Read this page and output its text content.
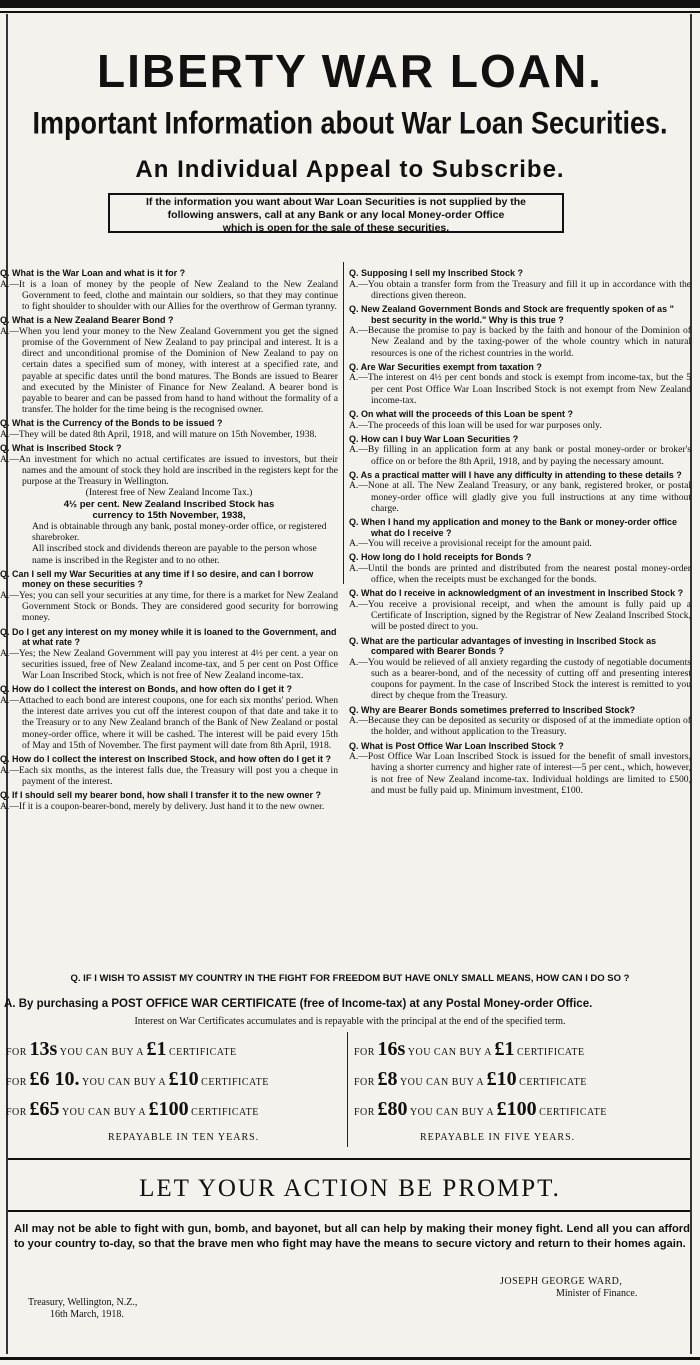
LIBERTY WAR LOAN.
Important Information about War Loan Securities.
An Individual Appeal to Subscribe.
If the information you want about War Loan Securities is not supplied by the
following answers, call at any Bank or any local Money-order Office
which is open for the sale of these securities.
Q. What is the War Loan and what is it for ?
A.—It is a loan of money by the people of New Zealand to the New Zealand Government to feed, clothe and maintain our soldiers, so that they may continue to fight shoulder to shoulder with our Allies for the overthrow of German tyranny.
Q. What is a New Zealand Bearer Bond ?
A.—When you lend your money to the New Zealand Government you get the signed promise of the Government of New Zealand to pay principal and interest. It is a direct and unconditional promise of the Dominion of New Zealand to pay on certain dates a specified sum of money, with interest at a specified rate, and payable at specific dates until the bond matures. The Bonds are issued to Bearer and executed by the Minister of Finance for New Zealand. A bearer bond is payable to bearer and can be passed from hand to hand without the formality of a transfer. The holder for the time being is the recognised owner.
Q. What is the Currency of the Bonds to be issued ?
A.—They will be dated 8th April, 1918, and will mature on 15th November, 1938.
Q. What is Inscribed Stock ?
A.—An investment for which no actual certificates are issued to investors, but their names and the amount of stock they hold are inscribed in the registers kept for the purpose at the Treasury in Wellington.
(Interest free of New Zealand Income Tax.)
4½ per cent. New Zealand Inscribed Stock has
currency to 15th November, 1938,
And is obtainable through any bank, postal money-order office, or registered sharebroker.
All inscribed stock and dividends thereon are payable to the person whose name is inscribed in the Register and to no other.
Q. Can I sell my War Securities at any time if I so desire, and can I borrow money on these securities ?
A.—Yes; you can sell your securities at any time, for there is a market for New Zealand Government Stock or Bonds. They are considered good security for borrowing money.
Q. Do I get any interest on my money while it is loaned to the Government, and at what rate ?
A.—Yes; the New Zealand Government will pay you interest at 4½ per cent. a year on securities issued, free of New Zealand income-tax, and 5 per cent on Post Office War Loan Inscribed Stock, which is not free of New Zealand income-tax.
Q. How do I collect the interest on Bonds, and how often do I get it ?
A.—Attached to each bond are interest coupons, one for each six months' period. When the interest date arrives you cut off the interest coupon of that date and take it to the Treasury or to any New Zealand branch of the Bank of New Zealand or postal money-order office, where it will be cashed. The interest will be paid every 15th of May and 15th of November. The first payment will date from 8th April, 1918.
Q. How do I collect the interest on Inscribed Stock, and how often do I get it ?
A.—Each six months, as the interest falls due, the Treasury will post you a cheque in payment of the interest.
Q. If I should sell my bearer bond, how shall I transfer it to the new owner ?
A.—If it is a coupon-bearer-bond, merely by delivery. Just hand it to the new owner.
Q. Supposing I sell my Inscribed Stock ?
A.—You obtain a transfer form from the Treasury and fill it up in accordance with the directions given thereon.
Q. New Zealand Government Bonds and Stock are frequently spoken of as " best security in the world." Why is this true ?
A.—Because the promise to pay is backed by the faith and honour of the Dominion of New Zealand and by the taxing-power of the whole country which in natural resources is one of the richest countries in the world.
Q. Are War Securities exempt from taxation ?
A.—The interest on 4½ per cent bonds and stock is exempt from income-tax, but the 5 per cent Post Office War Loan Inscribed Stock is not exempt from New Zealand income-tax.
Q. On what will the proceeds of this Loan be spent ?
A.—The proceeds of this loan will be used for war purposes only.
Q. How can I buy War Loan Securities ?
A.—By filling in an application form at any bank or postal money-order or broker's office on or before the 8th April, 1918, and by paying the necessary amount.
Q. As a practical matter will I have any difficulty in attending to these details ?
A.—None at all. The New Zealand Treasury, or any bank, registered broker, or postal money-order office will gladly give you full instructions at any time without charge.
Q. When I hand my application and money to the Bank or money-order office what do I receive ?
A.—You will receive a provisional receipt for the amount paid.
Q. How long do I hold receipts for Bonds ?
A.—Until the bonds are printed and distributed from the nearest postal money-order office, when the receipts must be exchanged for the bonds.
Q. What do I receive in acknowledgment of an investment in Inscribed Stock ?
A.—You receive a provisional receipt, and when the amount is fully paid up a Certificate of Inscription, signed by the Registrar of New Zealand Inscribed Stock, will be posted direct to you.
Q. What are the particular advantages of investing in Inscribed Stock as compared with Bearer Bonds ?
A.—You would be relieved of all anxiety regarding the custody of negotiable documents such as a bearer-bond, and of the necessity of cutting off and presenting interest coupons for payment. In the case of Inscribed Stock the interest is remitted to you direct by cheque from the Treasury.
Q. Why are Bearer Bonds sometimes preferred to Inscribed Stock?
A.—Because they can be deposited as security or disposed of at the immediate option of the holder, and without application to the Treasury.
Q. What is Post Office War Loan Inscribed Stock ?
A.—Post Office War Loan Inscribed Stock is issued for the benefit of small investors, having a shorter currency and higher rate of interest—5 per cent., which, however, is not free of New Zealand income-tax. Individual holdings are limited to £500, and must be fully paid up. Minimum investment, £100.
Q. IF I WISH TO ASSIST MY COUNTRY IN THE FIGHT FOR FREEDOM BUT HAVE ONLY SMALL MEANS, HOW CAN I DO SO ?
A. By purchasing a POST OFFICE WAR CERTIFICATE (free of Income-tax) at any Postal Money-order Office.
Interest on War Certificates accumulates and is repayable with the principal at the end of the specified term.
FOR 13s YOU CAN BUY A £1 CERTIFICATE
FOR £6 10. YOU CAN BUY A £10 CERTIFICATE
FOR £65 YOU CAN BUY A £100 CERTIFICATE
FOR 16s YOU CAN BUY A £1 CERTIFICATE
FOR £8 YOU CAN BUY A £10 CERTIFICATE
FOR £80 YOU CAN BUY A £100 CERTIFICATE
REPAYABLE IN TEN YEARS.	REPAYABLE IN FIVE YEARS.
LET YOUR ACTION BE PROMPT.
All may not be able to fight with gun, bomb, and bayonet, but all can help by making their money fight. Lend all you can afford to your country to-day, so that the brave men who fight may have the means to secure victory and return to their homes again.
JOSEPH GEORGE WARD,
Minister of Finance.
Treasury, Wellington, N.Z.,
16th March, 1918.
